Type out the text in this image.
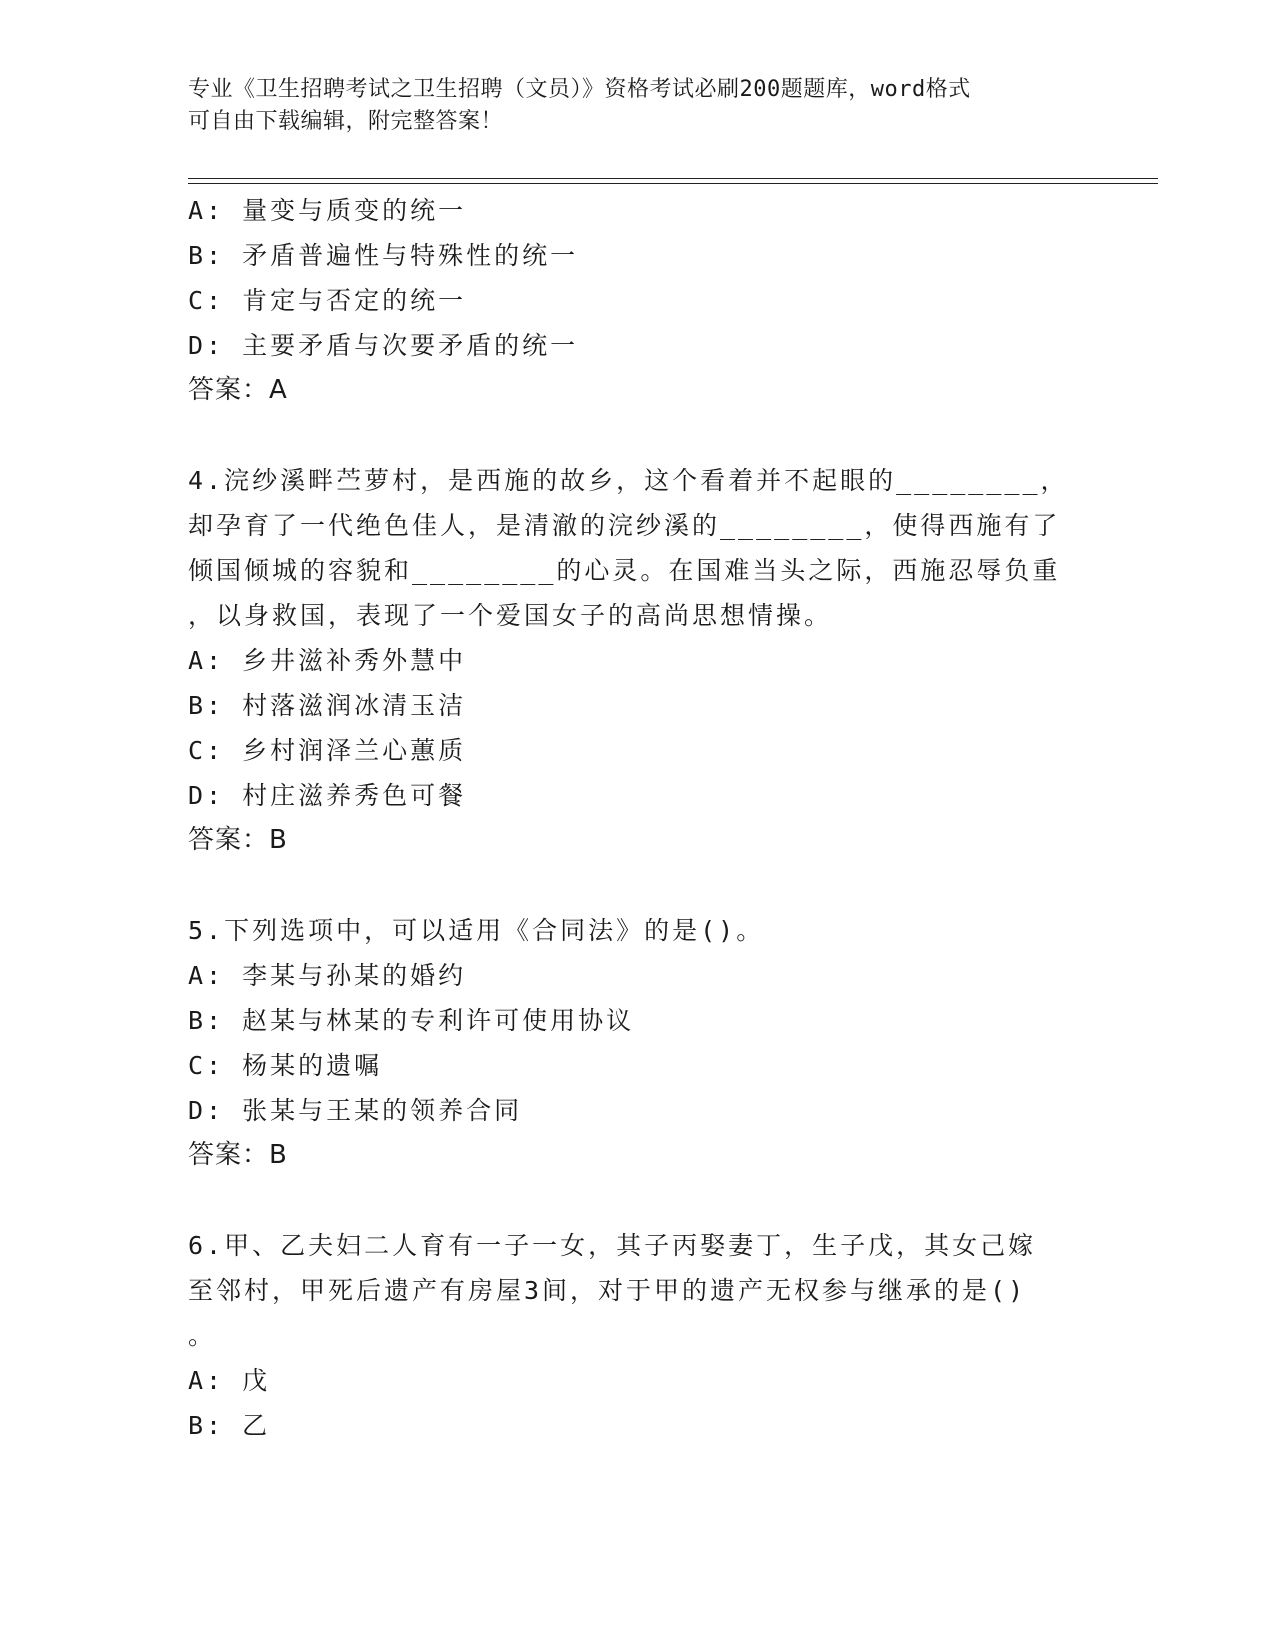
专业《卫生招聘考试之卫生招聘（文员）》资格考试必刷200题题库，word格式
可自由下载编辑，附完整答案！
A: 量变与质变的统一
B: 矛盾普遍性与特殊性的统一
C: 肯定与否定的统一
D: 主要矛盾与次要矛盾的统一
答案：A
4.浣纱溪畔苎萝村，是西施的故乡，这个看着并不起眼的________，
却孕育了一代绝色佳人，是清澈的浣纱溪的________，使得西施有了
倾国倾城的容貌和________的心灵。在国难当头之际，西施忍辱负重
，以身救国，表现了一个爱国女子的高尚思想情操。
A: 乡井滋补秀外慧中
B: 村落滋润冰清玉洁
C: 乡村润泽兰心蕙质
D: 村庄滋养秀色可餐
答案：B
5.下列选项中，可以适用《合同法》的是()。
A: 李某与孙某的婚约
B: 赵某与林某的专利许可使用协议
C: 杨某的遗嘱
D: 张某与王某的领养合同
答案：B
6.甲、乙夫妇二人育有一子一女，其子丙娶妻丁，生子戊，其女己嫁
至邻村，甲死后遗产有房屋3间，对于甲的遗产无权参与继承的是()
。
A: 戊
B: 乙
